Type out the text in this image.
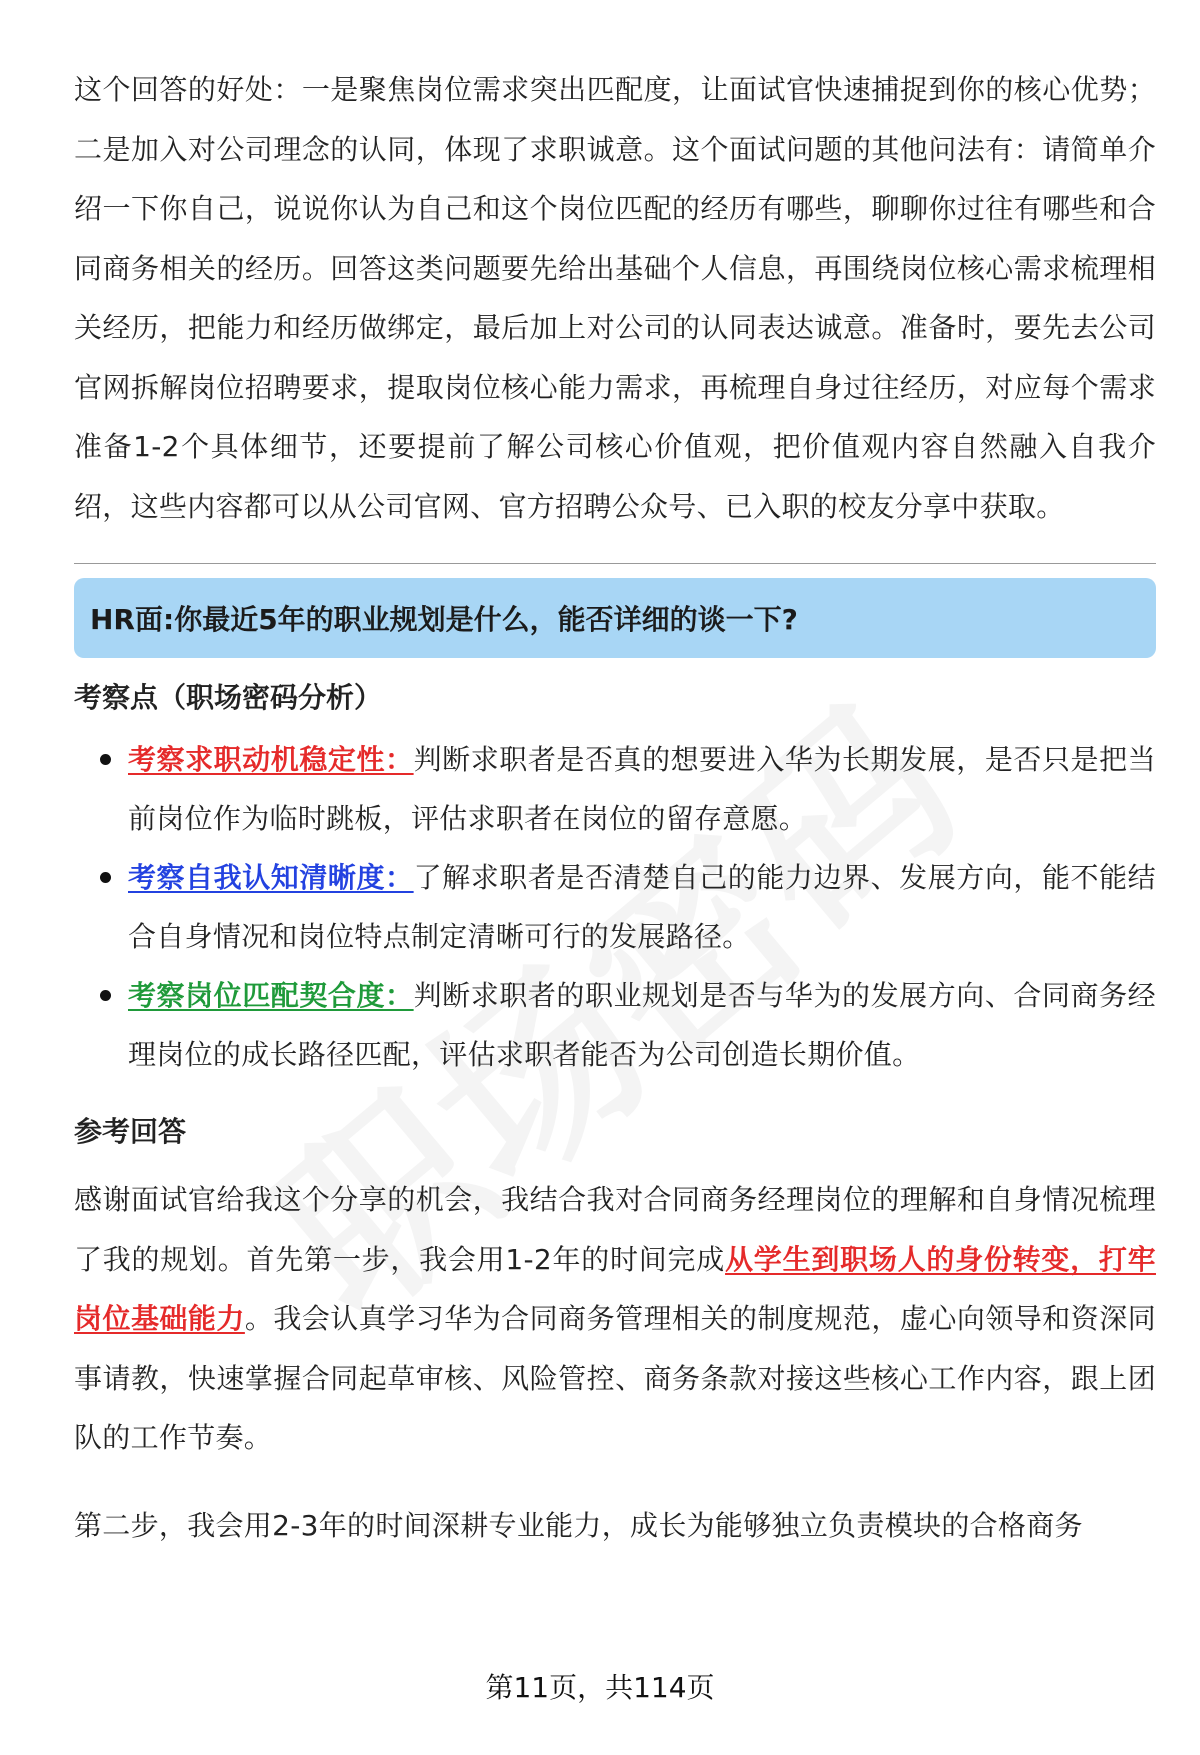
这个回答的好处：一是聚焦岗位需求突出匹配度，让面试官快速捕捉到你的核心优势；二是加入对公司理念的认同，体现了求职诚意。这个面试问题的其他问法有：请简单介绍一下你自己，说说你认为自己和这个岗位匹配的经历有哪些，聊聊你过往有哪些和合同商务相关的经历。回答这类问题要先给出基础个人信息，再围绕岗位核心需求梳理相关经历，把能力和经历做绑定，最后加上对公司的认同表达诚意。准备时，要先去公司官网拆解岗位招聘要求，提取岗位核心能力需求，再梳理自身过往经历，对应每个需求准备1-2个具体细节，还要提前了解公司核心价值观，把价值观内容自然融入自我介绍，这些内容都可以从公司官网、官方招聘公众号、已入职的校友分享中获取。

HR面:你最近5年的职业规划是什么，能否详细的谈一下?
考察点（职场密码分析）
考察求职动机稳定性：判断求职者是否真的想要进入华为长期发展，是否只是把当前岗位作为临时跳板，评估求职者在岗位的留存意愿。
考察自我认知清晰度：了解求职者是否清楚自己的能力边界、发展方向，能不能结合自身情况和岗位特点制定清晰可行的发展路径。
考察岗位匹配契合度：判断求职者的职业规划是否与华为的发展方向、合同商务经理岗位的成长路径匹配，评估求职者能否为公司创造长期价值。
参考回答

感谢面试官给我这个分享的机会，我结合我对合同商务经理岗位的理解和自身情况梳理了我的规划。首先第一步，我会用1-2年的时间完成从学生到职场人的身份转变，打牢岗位基础能力。我会认真学习华为合同商务管理相关的制度规范，虚心向领导和资深同事请教，快速掌握合同起草审核、风险管控、商务条款对接这些核心工作内容，跟上团队的工作节奏。

第二步，我会用2-3年的时间深耕专业能力，成长为能够独立负责模块的合格商务

第11页，共114页
